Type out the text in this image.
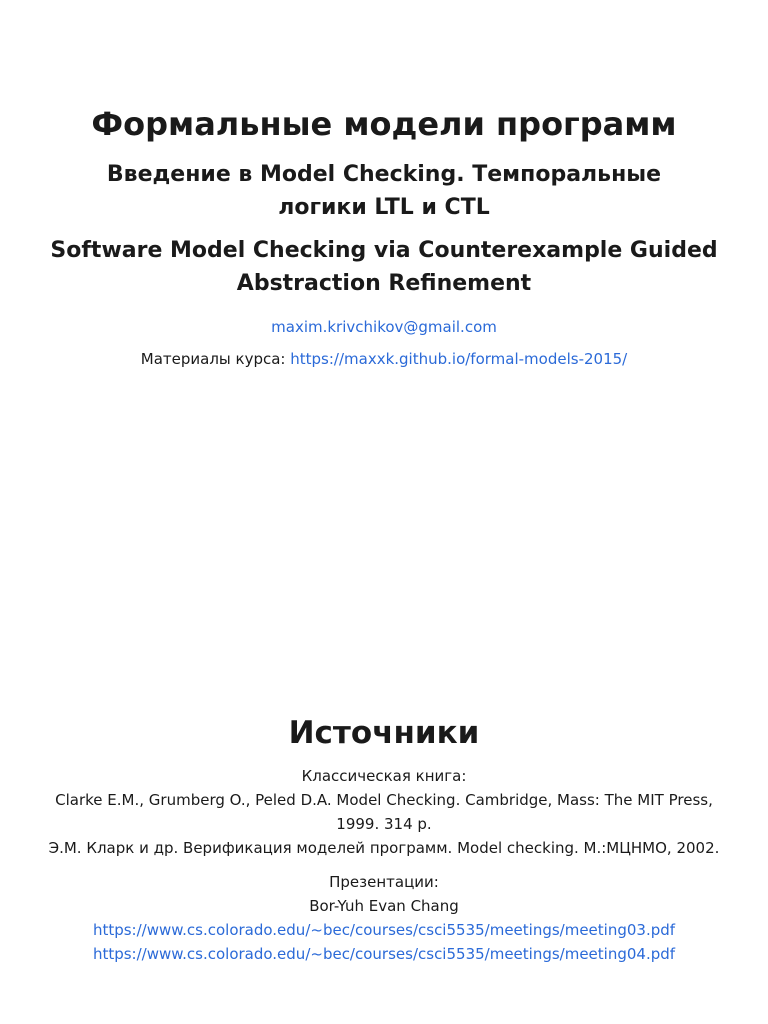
Формальные модели программ
Введение в Model Checking. Темпоральные логики LTL и CTL
Software Model Checking via Counterexample Guided Abstraction Refinement

maxim.krivchikov@gmail.com

Материалы курса: https://maxxk.github.io/formal-models-2015/

Источники
Классическая книга:
Clarke E.M., Grumberg O., Peled D.A. Model Checking. Cambridge, Mass: The MIT Press, 1999. 314 p.
Э.М. Кларк и др. Верификация моделей программ. Model checking. М.:МЦНМО, 2002.
Презентации:
Bor-Yuh Evan Chang
https://www.cs.colorado.edu/~bec/courses/csci5535/meetings/meeting03.pdf
https://www.cs.colorado.edu/~bec/courses/csci5535/meetings/meeting04.pdf
